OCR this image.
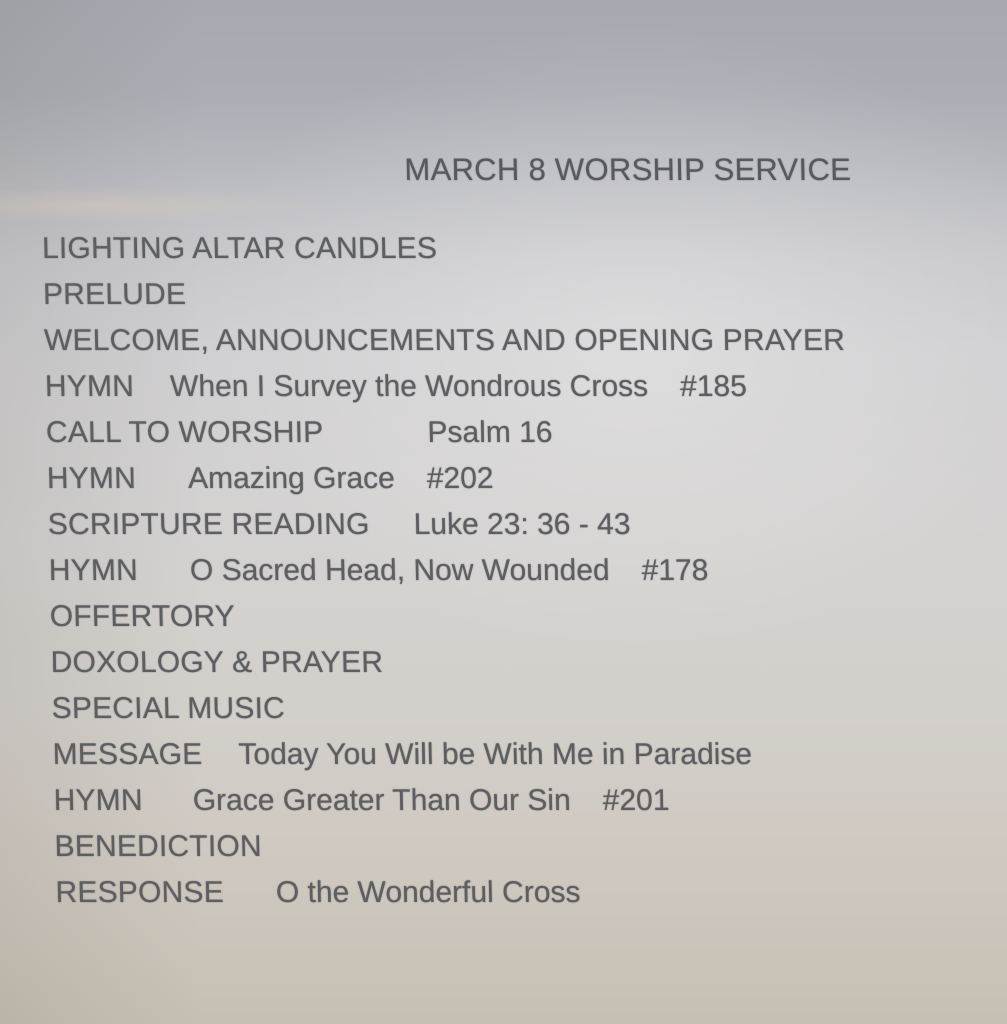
MARCH 8 WORSHIP SERVICE
LIGHTING ALTAR CANDLES
PRELUDE
WELCOME, ANNOUNCEMENTS AND OPENING PRAYER
HYMN When I Survey the Wondrous Cross #185
CALL TO WORSHIP	Psalm 16
HYMN Amazing Grace #202
SCRIPTURE READING Luke 23: 36 - 43
HYMN O Sacred Head, Now Wounded #178
OFFERTORY
DOXOLOGY & PRAYER
SPECIAL MUSIC
MESSAGE Today You Will be With Me in Paradise
HYMN Grace Greater Than Our Sin #201
BENEDICTION
RESPONSE O the Wonderful Cross
